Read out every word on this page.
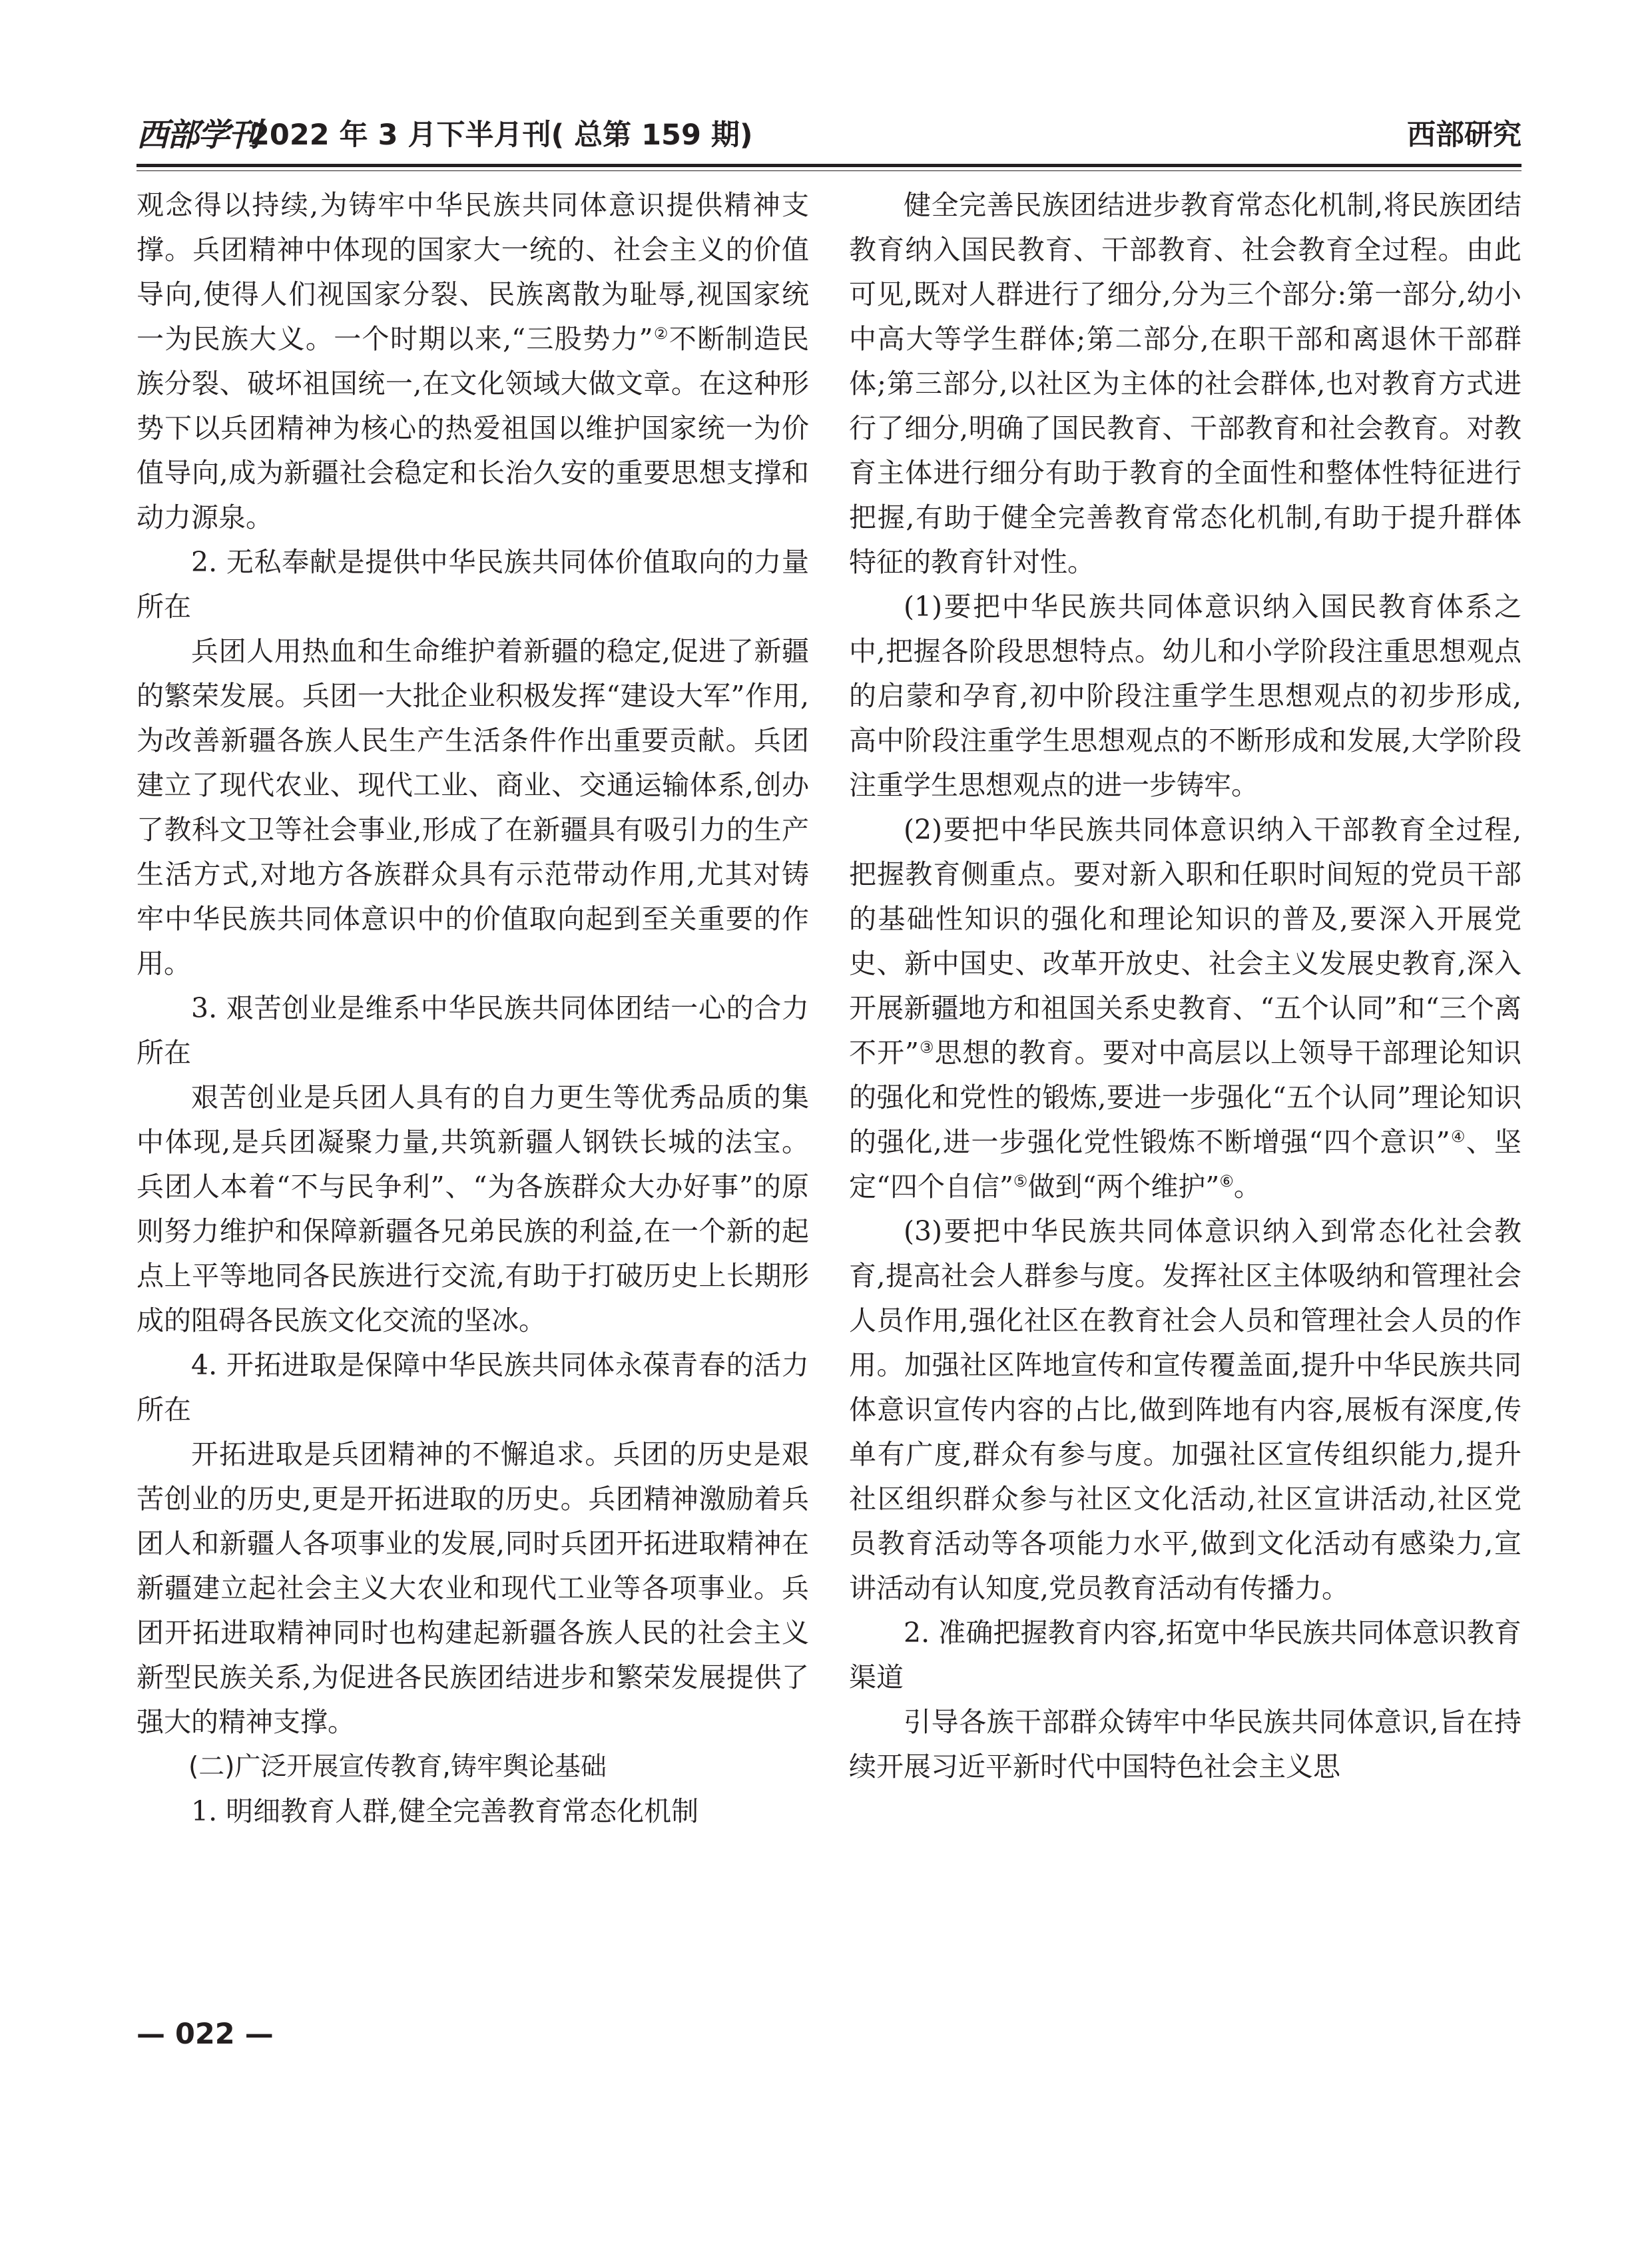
西部学刊
2022 年 3 月下半月刊( 总第 159 期)	西部研究

观念得以持续,为铸牢中华民族共同体意识提供精神支撑。兵团精神中体现的国家大一统的、社会主义的价值导向,使得人们视国家分裂、民族离散为耻辱,视国家统一为民族大义。一个时期以来,“三股势力”②不断制造民族分裂、破坏祖国统一,在文化领域大做文章。在这种形势下以兵团精神为核心的热爱祖国以维护国家统一为价值导向,成为新疆社会稳定和长治久安的重要思想支撑和动力源泉。

2. 无私奉献是提供中华民族共同体价值取向的力量所在

兵团人用热血和生命维护着新疆的稳定,促进了新疆的繁荣发展。兵团一大批企业积极发挥“建设大军”作用,为改善新疆各族人民生产生活条件作出重要贡献。兵团建立了现代农业、现代工业、商业、交通运输体系,创办了教科文卫等社会事业,形成了在新疆具有吸引力的生产生活方式,对地方各族群众具有示范带动作用,尤其对铸牢中华民族共同体意识中的价值取向起到至关重要的作用。

3. 艰苦创业是维系中华民族共同体团结一心的合力所在

艰苦创业是兵团人具有的自力更生等优秀品质的集中体现,是兵团凝聚力量,共筑新疆人钢铁长城的法宝。兵团人本着“不与民争利”、“为各族群众大办好事”的原则努力维护和保障新疆各兄弟民族的利益,在一个新的起点上平等地同各民族进行交流,有助于打破历史上长期形成的阻碍各民族文化交流的坚冰。

4. 开拓进取是保障中华民族共同体永葆青春的活力所在

开拓进取是兵团精神的不懈追求。兵团的历史是艰苦创业的历史,更是开拓进取的历史。兵团精神激励着兵团人和新疆人各项事业的发展,同时兵团开拓进取精神在新疆建立起社会主义大农业和现代工业等各项事业。兵团开拓进取精神同时也构建起新疆各族人民的社会主义新型民族关系,为促进各民族团结进步和繁荣发展提供了强大的精神支撑。

(二)广泛开展宣传教育,铸牢舆论基础

1. 明细教育人群,健全完善教育常态化机制

健全完善民族团结进步教育常态化机制,将民族团结教育纳入国民教育、干部教育、社会教育全过程。由此可见,既对人群进行了细分,分为三个部分:第一部分,幼小中高大等学生群体;第二部分,在职干部和离退休干部群体;第三部分,以社区为主体的社会群体,也对教育方式进行了细分,明确了国民教育、干部教育和社会教育。对教育主体进行细分有助于教育的全面性和整体性特征进行把握,有助于健全完善教育常态化机制,有助于提升群体特征的教育针对性。

(1)要把中华民族共同体意识纳入国民教育体系之中,把握各阶段思想特点。幼儿和小学阶段注重思想观点的启蒙和孕育,初中阶段注重学生思想观点的初步形成,高中阶段注重学生思想观点的不断形成和发展,大学阶段注重学生思想观点的进一步铸牢。

(2)要把中华民族共同体意识纳入干部教育全过程,把握教育侧重点。要对新入职和任职时间短的党员干部的基础性知识的强化和理论知识的普及,要深入开展党史、新中国史、改革开放史、社会主义发展史教育,深入开展新疆地方和祖国关系史教育、“五个认同”和“三个离不开”③思想的教育。要对中高层以上领导干部理论知识的强化和党性的锻炼,要进一步强化“五个认同”理论知识的强化,进一步强化党性锻炼不断增强“四个意识”④、坚定“四个自信”⑤做到“两个维护”⑥。

(3)要把中华民族共同体意识纳入到常态化社会教育,提高社会人群参与度。发挥社区主体吸纳和管理社会人员作用,强化社区在教育社会人员和管理社会人员的作用。加强社区阵地宣传和宣传覆盖面,提升中华民族共同体意识宣传内容的占比,做到阵地有内容,展板有深度,传单有广度,群众有参与度。加强社区宣传组织能力,提升社区组织群众参与社区文化活动,社区宣讲活动,社区党员教育活动等各项能力水平,做到文化活动有感染力,宣讲活动有认知度,党员教育活动有传播力。

2. 准确把握教育内容,拓宽中华民族共同体意识教育渠道

引导各族干部群众铸牢中华民族共同体意识,旨在持续开展习近平新时代中国特色社会主义思

— 022 —
